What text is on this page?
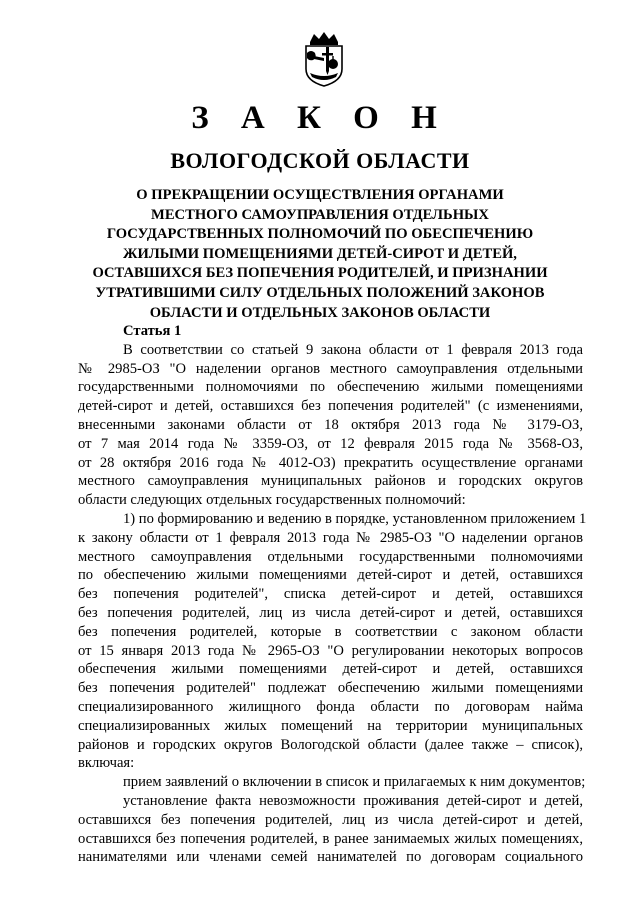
З А К О Н
ВОЛОГОДСКОЙ ОБЛАСТИ
О ПРЕКРАЩЕНИИ ОСУЩЕСТВЛЕНИЯ ОРГАНАМИ
МЕСТНОГО САМОУПРАВЛЕНИЯ ОТДЕЛЬНЫХ
ГОСУДАРСТВЕННЫХ ПОЛНОМОЧИЙ ПО ОБЕСПЕЧЕНИЮ
ЖИЛЫМИ ПОМЕЩЕНИЯМИ ДЕТЕЙ-СИРОТ И ДЕТЕЙ,
ОСТАВШИХСЯ БЕЗ ПОПЕЧЕНИЯ РОДИТЕЛЕЙ, И ПРИЗНАНИИ
УТРАТИВШИМИ СИЛУ ОТДЕЛЬНЫХ ПОЛОЖЕНИЙ ЗАКОНОВ
ОБЛАСТИ И ОТДЕЛЬНЫХ ЗАКОНОВ ОБЛАСТИ
Статья 1
В соответствии со статьей 9 закона области от 1 февраля 2013 года
№ 2985-ОЗ "О наделении органов местного самоуправления отдельными
государственными полномочиями по обеспечению жилыми помещениями
детей-сирот и детей, оставшихся без попечения родителей" (с изменениями,
внесенными законами области от 18 октября 2013 года № 3179-ОЗ,
от 7 мая 2014 года № 3359-ОЗ, от 12 февраля 2015 года № 3568-ОЗ,
от 28 октября 2016 года № 4012-ОЗ) прекратить осуществление органами
местного самоуправления муниципальных районов и городских округов
области следующих отдельных государственных полномочий:
1) по формированию и ведению в порядке, установленном приложением 1
к закону области от 1 февраля 2013 года № 2985-ОЗ "О наделении органов
местного самоуправления отдельными государственными полномочиями
по обеспечению жилыми помещениями детей-сирот и детей, оставшихся
без попечения родителей", списка детей-сирот и детей, оставшихся
без попечения родителей, лиц из числа детей-сирот и детей, оставшихся
без попечения родителей, которые в соответствии с законом области
от 15 января 2013 года № 2965-ОЗ "О регулировании некоторых вопросов
обеспечения жилыми помещениями детей-сирот и детей, оставшихся
без попечения родителей" подлежат обеспечению жилыми помещениями
специализированного жилищного фонда области по договорам найма
специализированных жилых помещений на территории муниципальных
районов и городских округов Вологодской области (далее также – список),
включая:
прием заявлений о включении в список и прилагаемых к ним документов;
установление факта невозможности проживания детей-сирот и детей,
оставшихся без попечения родителей, лиц из числа детей-сирот и детей,
оставшихся без попечения родителей, в ранее занимаемых жилых помещениях,
нанимателями или членами семей нанимателей по договорам социального
